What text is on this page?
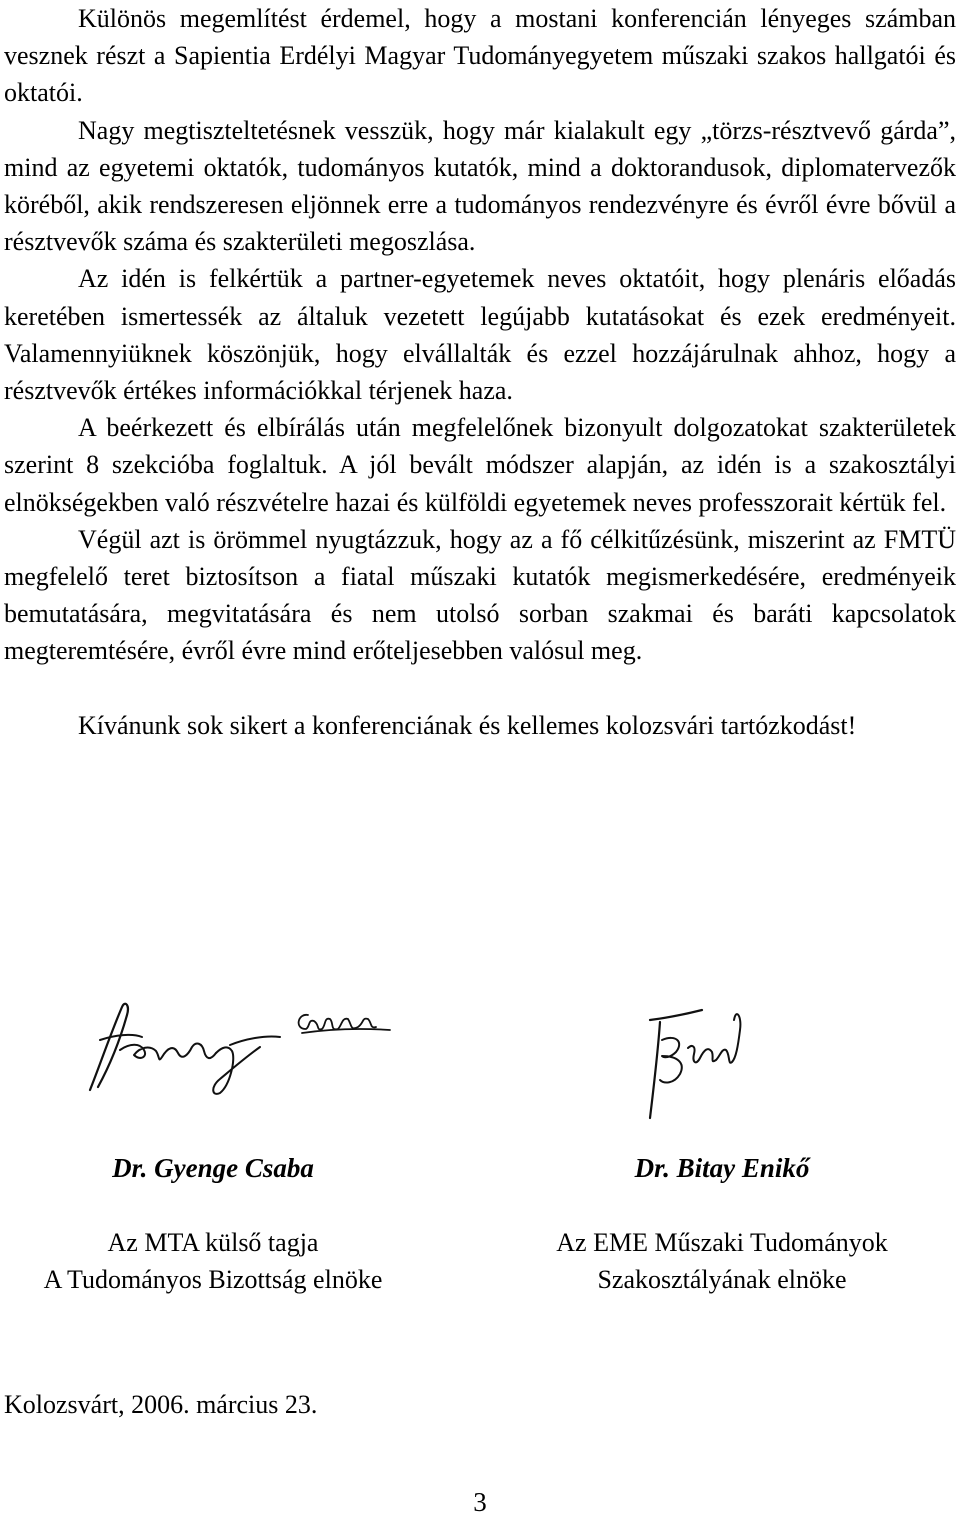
Különös megemlítést érdemel, hogy a mostani konferencián lényeges számban vesznek részt a Sapientia Erdélyi Magyar Tudományegyetem műszaki szakos hallgatói és oktatói.

Nagy megtiszteltetésnek vesszük, hogy már kialakult egy „törzs-résztvevő gárda”, mind az egyetemi oktatók, tudományos kutatók, mind a doktorandusok, diplomatervezők köréből, akik rendszeresen eljönnek erre a tudományos rendezvényre és évről évre bővül a résztvevők száma és szakterületi megoszlása.

Az idén is felkértük a partner-egyetemek neves oktatóit, hogy plenáris előadás keretében ismertessék az általuk vezetett legújabb kutatásokat és ezek eredményeit. Valamennyiüknek köszönjük, hogy elvállalták és ezzel hozzájárulnak ahhoz, hogy a résztvevők értékes információkkal térjenek haza.

A beérkezett és elbírálás után megfelelőnek bizonyult dolgozatokat szakterületek szerint 8 szekcióba foglaltuk. A jól bevált módszer alapján, az idén is a szakosztályi elnökségekben való részvételre hazai és külföldi egyetemek neves professzorait kértük fel.

Végül azt is örömmel nyugtázzuk, hogy az a fő célkitűzésünk, miszerint az FMTÜ megfelelő teret biztosítson a fiatal műszaki kutatók megismerkedésére, eredményeik bemutatására, megvitatására és nem utolsó sorban szakmai és baráti kapcsolatok megteremtésére, évről évre mind erőteljesebben valósul meg.

Kívánunk sok sikert a konferenciának és kellemes kolozsvári tartózkodást!

Dr. Gyenge Csaba

Az MTA külső tagja

A Tudományos Bizottság elnöke

Dr. Bitay Enikő

Az EME Műszaki Tudományok

Szakosztályának elnöke

Kolozsvárt, 2006. március 23.

3
